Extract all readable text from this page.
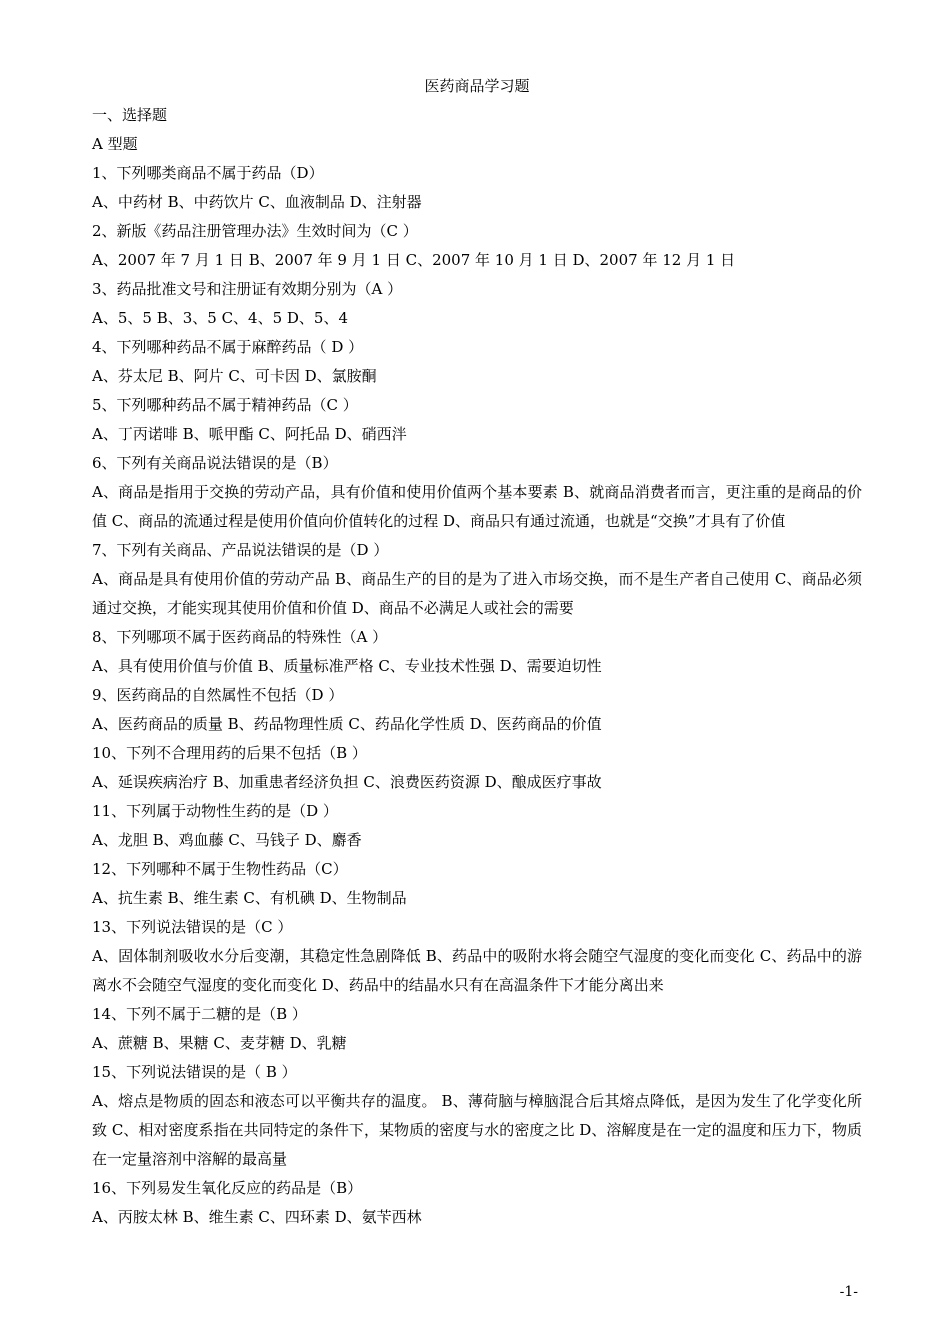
医药商品学习题

一、选择题

A 型题

1、下列哪类商品不属于药品（D）

A、中药材 B、中药饮片 C、血液制品 D、注射器

2、新版《药品注册管理办法》生效时间为（C ）

A、2007 年 7 月 1 日 B、2007 年 9 月 1 日 C、2007 年 10 月 1 日 D、2007 年 12 月 1 日

3、药品批准文号和注册证有效期分别为（A ）

A、5、5 B、3、5 C、4、5 D、5、4

4、下列哪种药品不属于麻醉药品（ D ）

A、芬太尼 B、阿片 C、可卡因 D、氯胺酮

5、下列哪种药品不属于精神药品（C ）

A、丁丙诺啡 B、哌甲酯 C、阿托品 D、硝西泮

6、下列有关商品说法错误的是（B）

A、商品是指用于交换的劳动产品，具有价值和使用价值两个基本要素 B、就商品消费者而言，更注重的是商品的价值 C、商品的流通过程是使用价值向价值转化的过程 D、商品只有通过流通，也就是“交换”才具有了价值

7、下列有关商品、产品说法错误的是（D ）

A、商品是具有使用价值的劳动产品 B、商品生产的目的是为了进入市场交换，而不是生产者自己使用 C、商品必须通过交换，才能实现其使用价值和价值 D、商品不必满足人或社会的需要

8、下列哪项不属于医药商品的特殊性（A ）

A、具有使用价值与价值 B、质量标准严格 C、专业技术性强 D、需要迫切性

9、医药商品的自然属性不包括（D ）

A、医药商品的质量 B、药品物理性质 C、药品化学性质 D、医药商品的价值

10、下列不合理用药的后果不包括（B ）

A、延误疾病治疗 B、加重患者经济负担 C、浪费医药资源 D、酿成医疗事故

11、下列属于动物性生药的是（D ）

A、龙胆 B、鸡血藤 C、马钱子 D、麝香

12、下列哪种不属于生物性药品（C）

A、抗生素 B、维生素 C、有机碘 D、生物制品

13、下列说法错误的是（C ）

A、固体制剂吸收水分后变潮，其稳定性急剧降低 B、药品中的吸附水将会随空气湿度的变化而变化 C、药品中的游离水不会随空气湿度的变化而变化 D、药品中的结晶水只有在高温条件下才能分离出来

14、下列不属于二糖的是（B ）

A、蔗糖 B、果糖 C、麦芽糖 D、乳糖

15、下列说法错误的是（ B ）

A、熔点是物质的固态和液态可以平衡共存的温度。 B、薄荷脑与樟脑混合后其熔点降低，是因为发生了化学变化所致 C、相对密度系指在共同特定的条件下，某物质的密度与水的密度之比 D、溶解度是在一定的温度和压力下，物质在一定量溶剂中溶解的最高量

16、下列易发生氧化反应的药品是（B）

A、丙胺太林 B、维生素 C、四环素 D、氨苄西林

-1-
